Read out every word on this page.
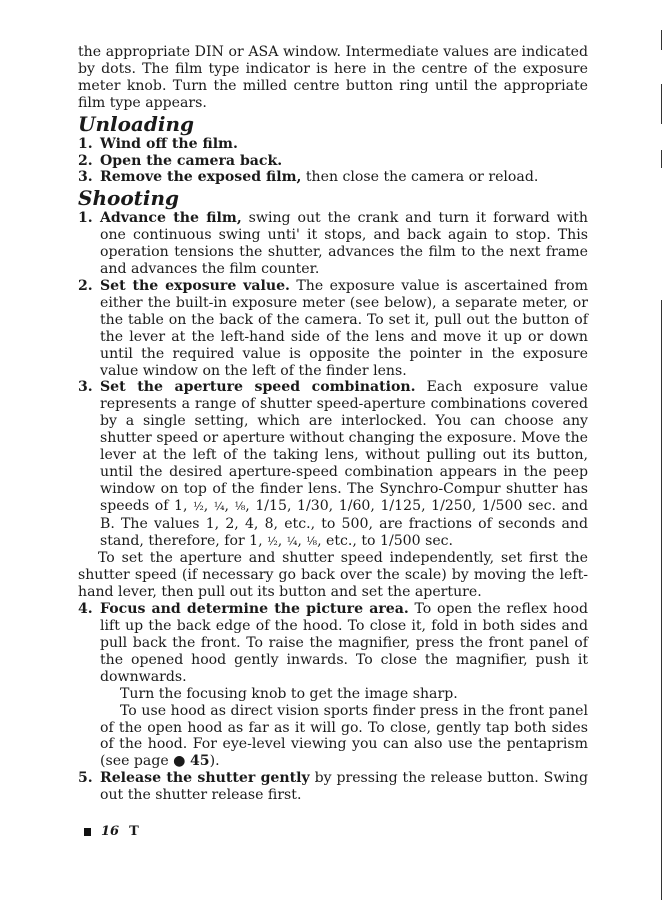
the appropriate DIN or ASA window. Intermediate values are indicated by dots. The film type indicator is here in the centre of the exposure meter knob. Turn the milled centre button ring until the appropriate film type appears.

Unloading
1. Wind off the film.
2. Open the camera back.
3. Remove the exposed film, then close the camera or reload.
Shooting
1. Advance the film, swing out the crank and turn it forward with one continuous swing unti' it stops, and back again to stop. This operation tensions the shutter, advances the film to the next frame and advances the film counter.
2. Set the exposure value. The exposure value is ascertained from either the built-in exposure meter (see below), a separate meter, or the table on the back of the camera. To set it, pull out the button of the lever at the left-hand side of the lens and move it up or down until the required value is opposite the pointer in the exposure value window on the left of the finder lens.
3. Set the aperture speed combination. Each exposure value represents a range of shutter speed-aperture combinations covered by a single setting, which are interlocked. You can choose any shutter speed or aperture without changing the exposure. Move the lever at the left of the taking lens, without pulling out its button, until the desired aperture-speed combination appears in the peep window on top of the finder lens. The Synchro-Compur shutter has speeds of 1, ½, ¼, ⅛, 1/15, 1/30, 1/60, 1/125, 1/250, 1/500 sec. and B. The values 1, 2, 4, 8, etc., to 500, are fractions of seconds and stand, therefore, for 1, ½, ¼, ⅛, etc., to 1/500 sec.

To set the aperture and shutter speed independently, set first the shutter speed (if necessary go back over the scale) by moving the left-hand lever, then pull out its button and set the aperture.

4. Focus and determine the picture area. To open the reflex hood lift up the back edge of the hood. To close it, fold in both sides and pull back the front. To raise the magnifier, press the front panel of the opened hood gently inwards. To close the magnifier, push it downwards.

Turn the focusing knob to get the image sharp.

To use hood as direct vision sports finder press in the front panel of the open hood as far as it will go. To close, gently tap both sides of the hood. For eye-level viewing you can also use the pentaprism (see page ● 45).

5. Release the shutter gently by pressing the release button. Swing out the shutter release first.
16 T
